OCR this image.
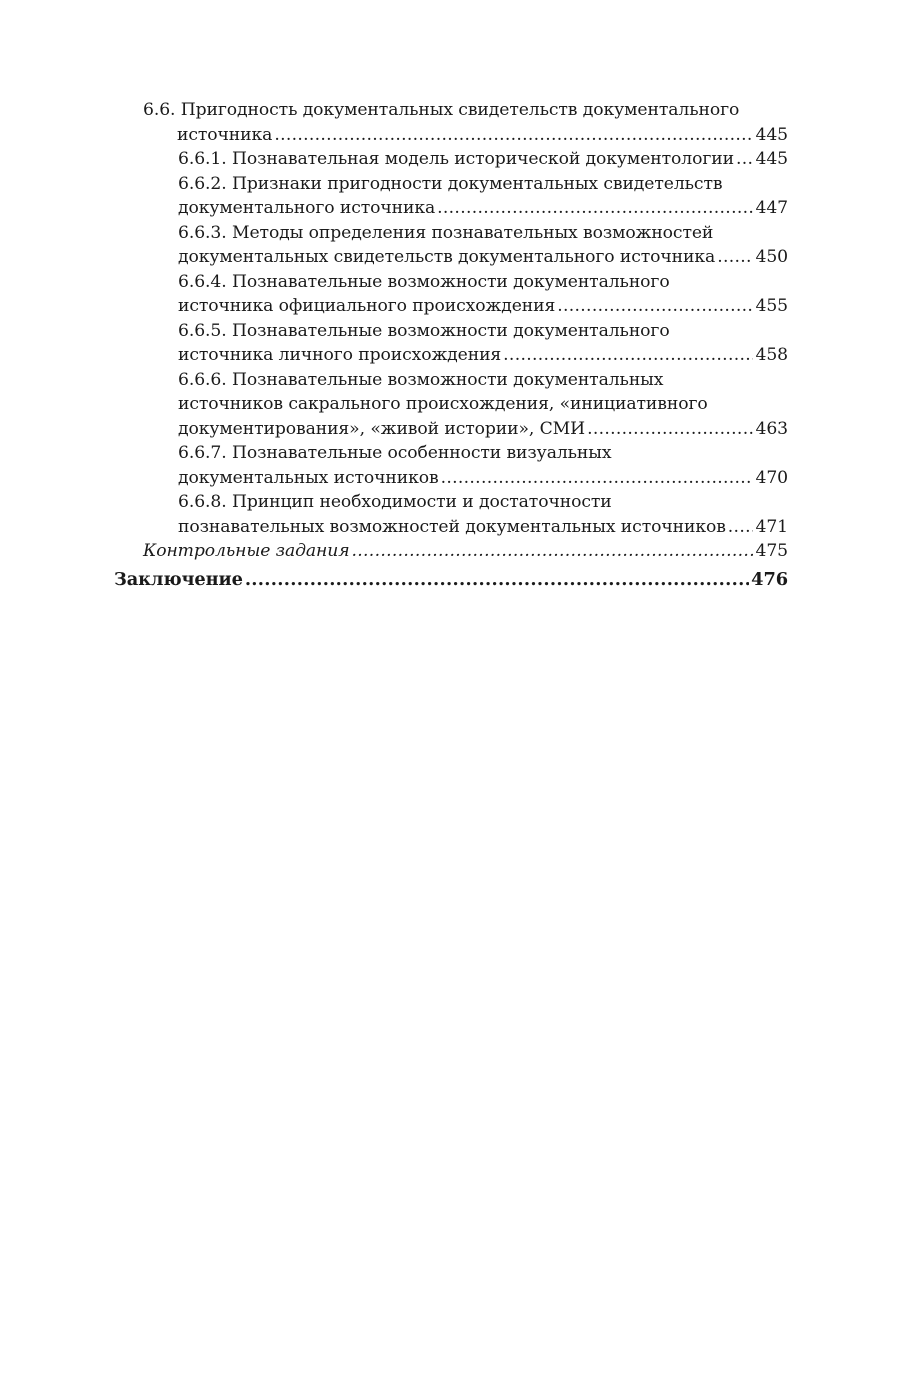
6.6. Пригодность документальных свидетельств документального
источника .....	445
6.6.1. Познавательная модель исторической документологии ..... 445
6.6.2. Признаки пригодности документальных свидетельств
документального источника .....	447
6.6.3. Методы определения познавательных возможностей
документальных свидетельств документального источника ..... 450
6.6.4. Познавательные возможности документального
источника официального происхождения .....	455
6.6.5. Познавательные возможности документального
источника личного происхождения .....	458
6.6.6. Познавательные возможности документальных
источников сакрального происхождения, «инициативного
документирования», «живой истории», СМИ .....	463
6.6.7. Познавательные особенности визуальных
документальных источников .....	470
6.6.8. Принцип необходимости и достаточности
познавательных возможностей документальных источников ..... 471
Контрольные задания .....	475
Заключение .....	476
